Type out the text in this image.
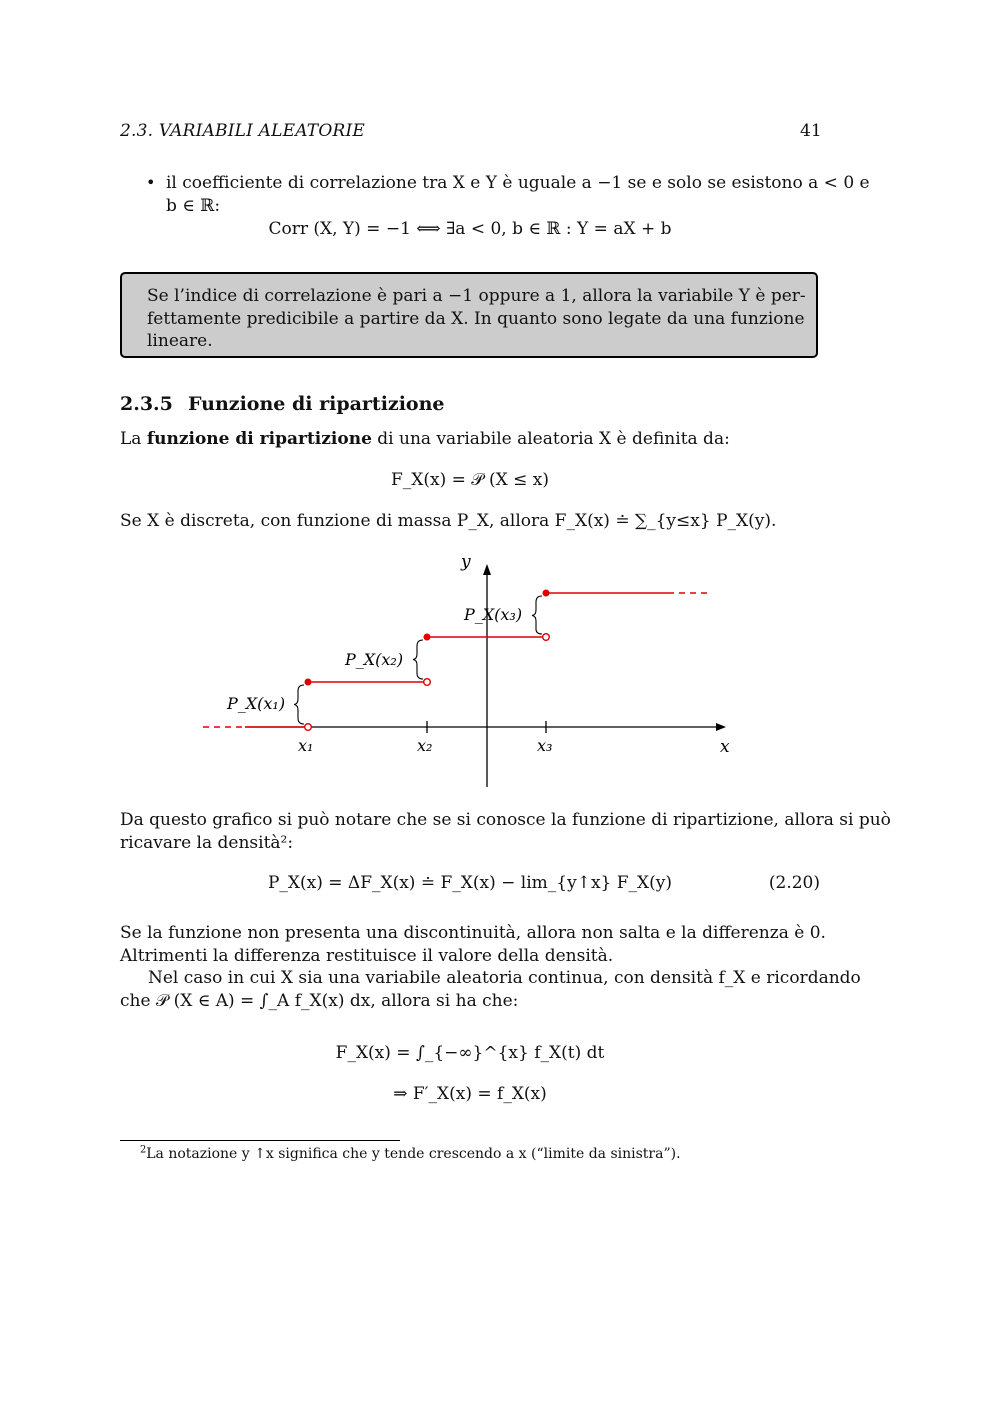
2.3. VARIABILI ALEATORIE	41
• il coefficiente di correlazione tra X e Y è uguale a −1 se e solo se esistono a < 0 e
b ∈ ℝ:
Corr (X, Y) = −1 ⟺ ∃a < 0, b ∈ ℝ : Y = aX + b
Se l’indice di correlazione è pari a −1 oppure a 1, allora la variabile Y è per-
fettamente predicibile a partire da X. In quanto sono legate da una funzione
lineare.
2.3.5 Funzione di ripartizione
La funzione di ripartizione di una variabile aleatoria X è definita da:
F_X(x) = 𝒫 (X ≤ x)
Se X è discreta, con funzione di massa P_X, allora F_X(x) ≐ ∑_{y≤x} P_X(y).
y
x
x₁	x₂	x₃
P_X(x₁)
P_X(x₂)
P_X(x₃)
Da questo grafico si può notare che se si conosce la funzione di ripartizione, allora si può
ricavare la densità²:
P_X(x) = ΔF_X(x) ≐ F_X(x) − lim_{y↑x} F_X(y)	(2.20)
Se la funzione non presenta una discontinuità, allora non salta e la differenza è 0.
Altrimenti la differenza restituisce il valore della densità.
Nel caso in cui X sia una variabile aleatoria continua, con densità f_X e ricordando
che 𝒫 (X ∈ A) = ∫_A f_X(x) dx, allora si ha che:
F_X(x) = ∫_{−∞}^{x} f_X(t) dt
⇒ F′_X(x) = f_X(x)
$^2$La notazione y ↑x significa che y tende crescendo a x (“limite da sinistra”).
